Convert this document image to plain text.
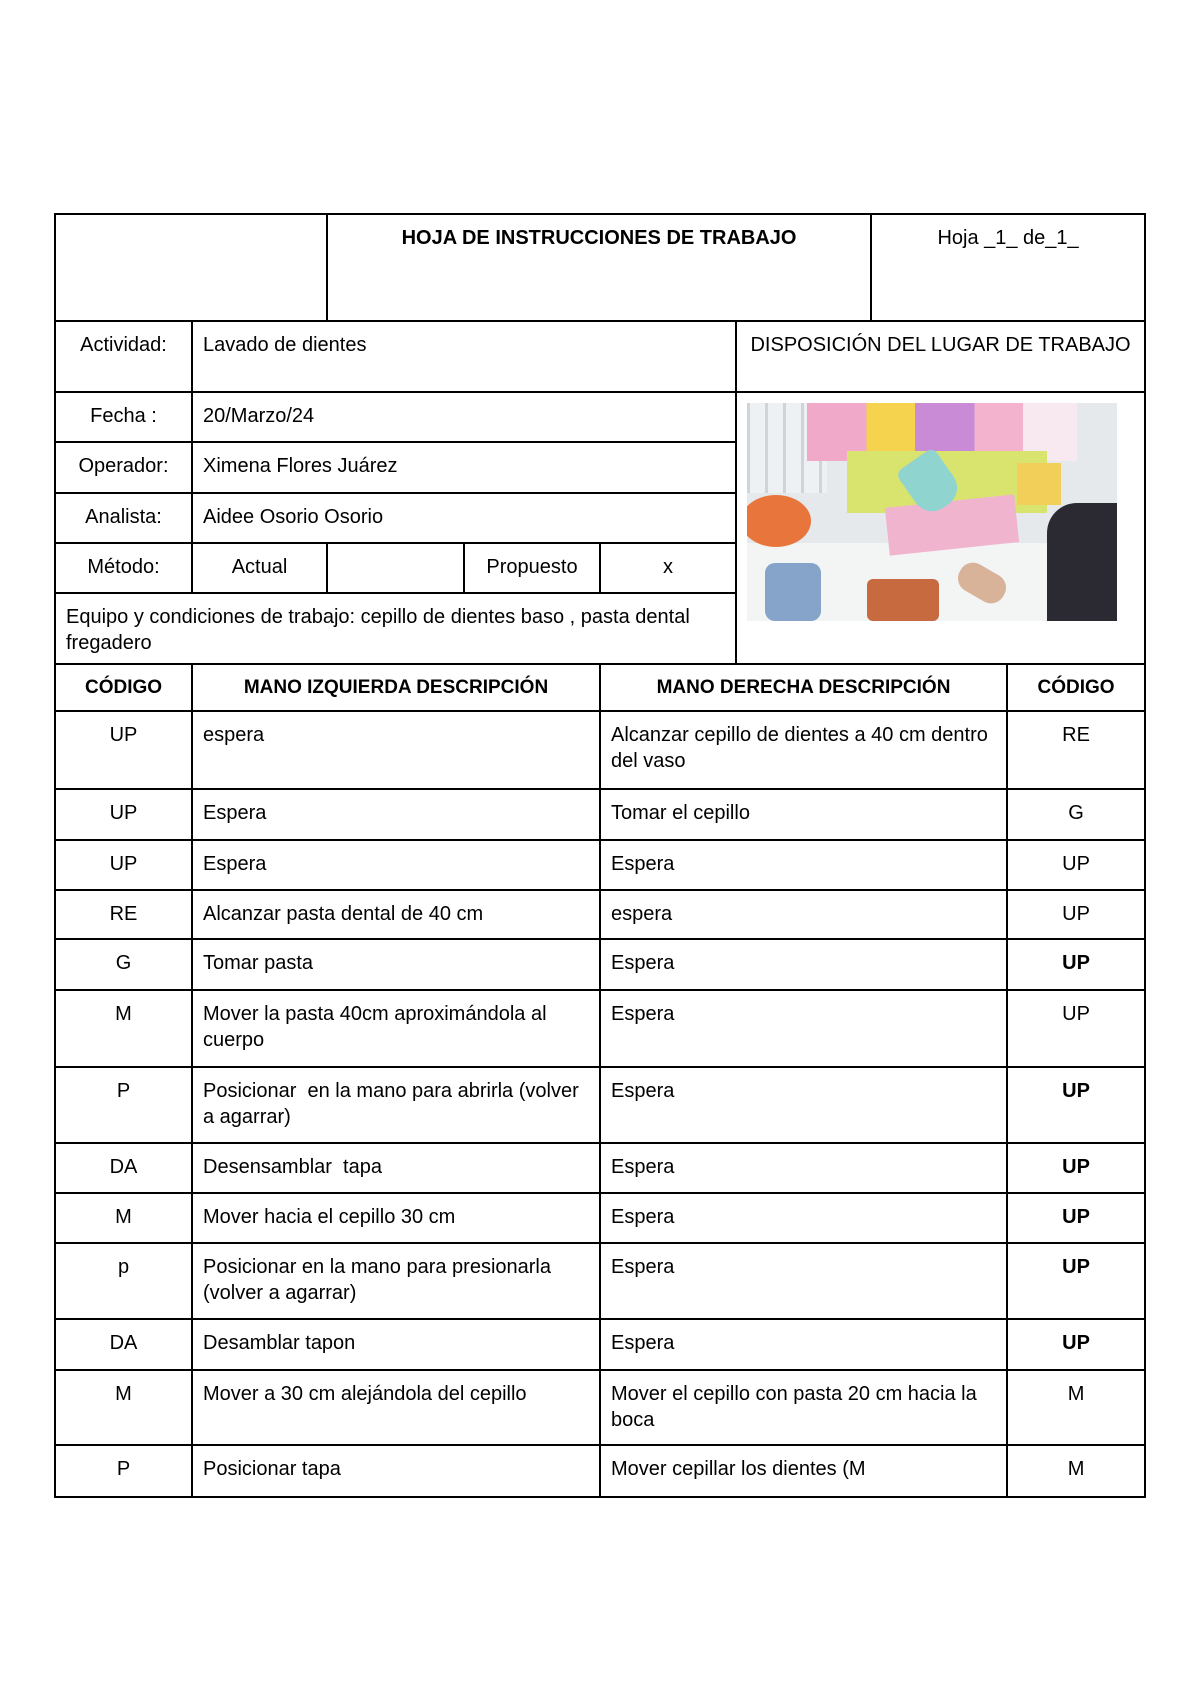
		HOJA DE INSTRUCCIONES DE TRABAJO				Hoja _1_ de_1_	
Actividad:	Lavado de dientes				DISPOSICIÓN DEL LUGAR DE TRABAJO		
Fecha :	20/Marzo/24						

Operador:	Ximena Flores Juárez						
Analista:	Aidee Osorio Osorio						
Método:	Actual		Propuesto	x			
Equipo y condiciones de trabajo: cepillo de dientes baso , pasta dental fregadero							
CÓDIGO	MANO IZQUIERDA DESCRIPCIÓN			MANO DERECHA DESCRIPCIÓN			CÓDIGO
UP	espera			Alcanzar cepillo de dientes a 40 cm dentro del vaso			RE
UP	Espera			Tomar el cepillo			G
UP	Espera			Espera			UP
RE	Alcanzar pasta dental de 40 cm			espera			UP
G	Tomar pasta			Espera			UP
M	Mover la pasta 40cm aproximándola al cuerpo			Espera			UP
P	Posicionar  en la mano para abrirla (volver a agarrar)			Espera			UP
DA	Desensamblar  tapa			Espera			UP
M	Mover hacia el cepillo 30 cm			Espera			UP
p	Posicionar en la mano para presionarla (volver a agarrar)			Espera			UP
DA	Desamblar tapon			Espera			UP
M	Mover a 30 cm alejándola del cepillo			Mover el cepillo con pasta 20 cm hacia la boca			M
P	Posicionar tapa			Mover cepillar los dientes (M			M
